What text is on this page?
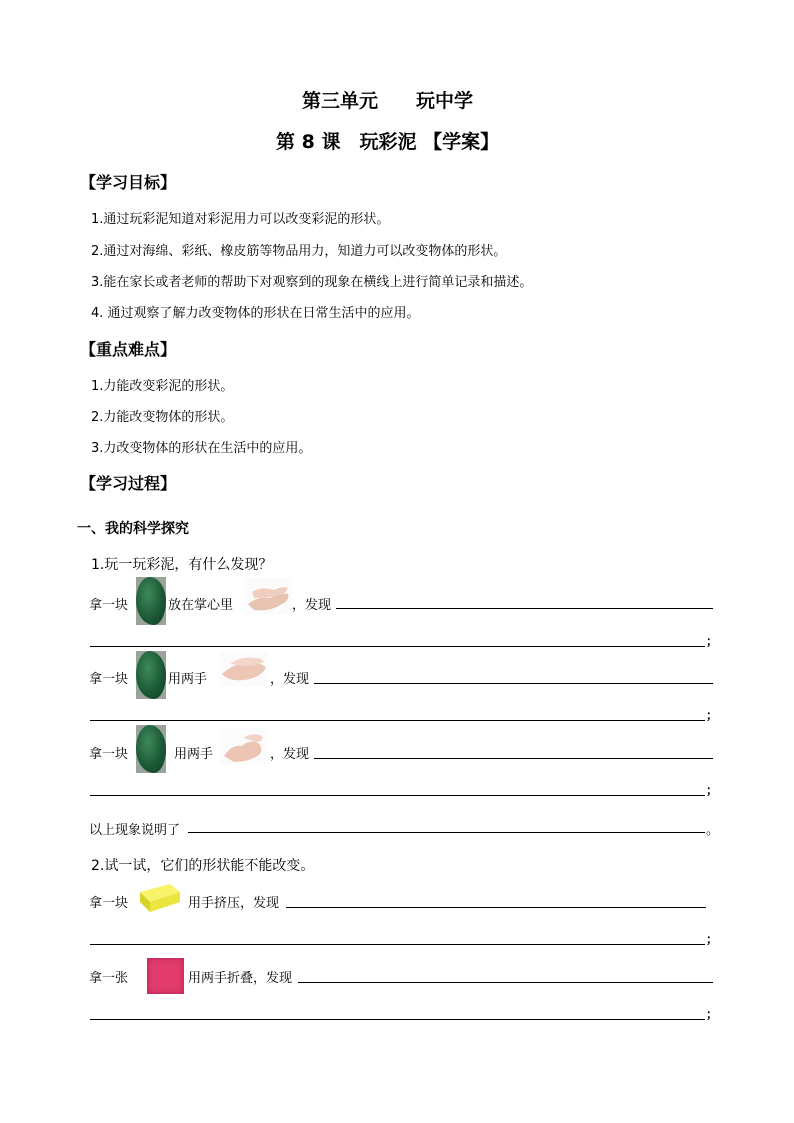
第三单元　　玩中学
第 8 课　玩彩泥 【学案】
【学习目标】
1.通过玩彩泥知道对彩泥用力可以改变彩泥的形状。
2.通过对海绵、彩纸、橡皮筋等物品用力，知道力可以改变物体的形状。
3.能在家长或者老师的帮助下对观察到的现象在横线上进行简单记录和描述。
4. 通过观察了解力改变物体的形状在日常生活中的应用。
【重点难点】
1.力能改变彩泥的形状。
2.力能改变物体的形状。
3.力改变物体的形状在生活中的应用。
【学习过程】
一、我的科学探究
1.玩一玩彩泥，有什么发现？
拿一块	放在掌心里	，发现
；
拿一块	用两手	，发现
；
拿一块	用两手	，发现
；
以上现象说明了	。
2.试一试，它们的形状能不能改变。
拿一块	用手挤压，发现
；
拿一张	用两手折叠，发现
；
